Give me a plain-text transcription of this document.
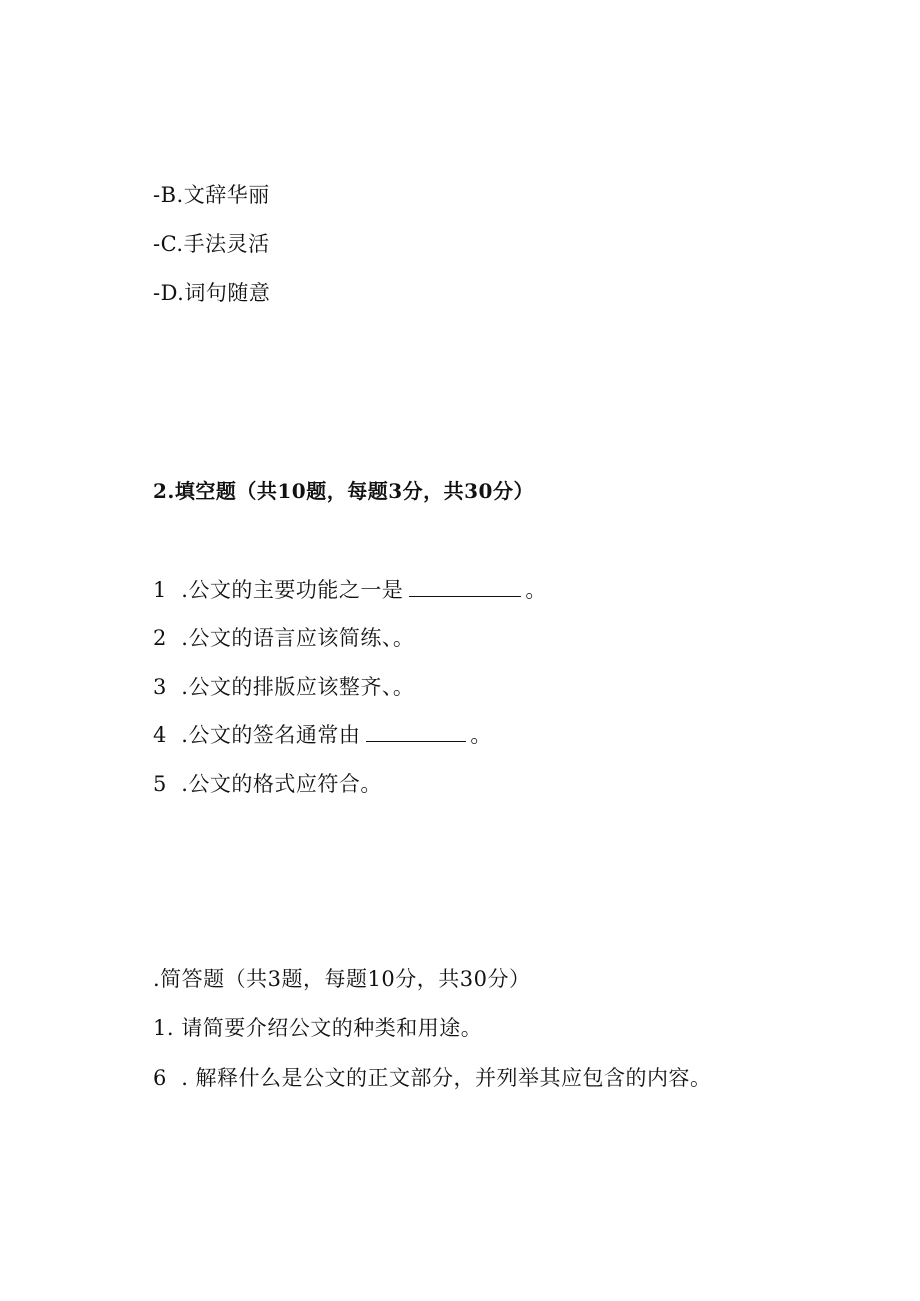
-B.文辞华丽
-C.手法灵活
-D.词句随意
2.填空题（共10题，每题3分，共30分）
1  .公文的主要功能之一是	。
2  .公文的语言应该简练、。
3  .公文的排版应该整齐、。
4  .公文的签名通常由	。
5  .公文的格式应符合。
.简答题（共3题，每题10分，共30分）
1. 请简要介绍公文的种类和用途。
6  . 解释什么是公文的正文部分，并列举其应包含的内容。
